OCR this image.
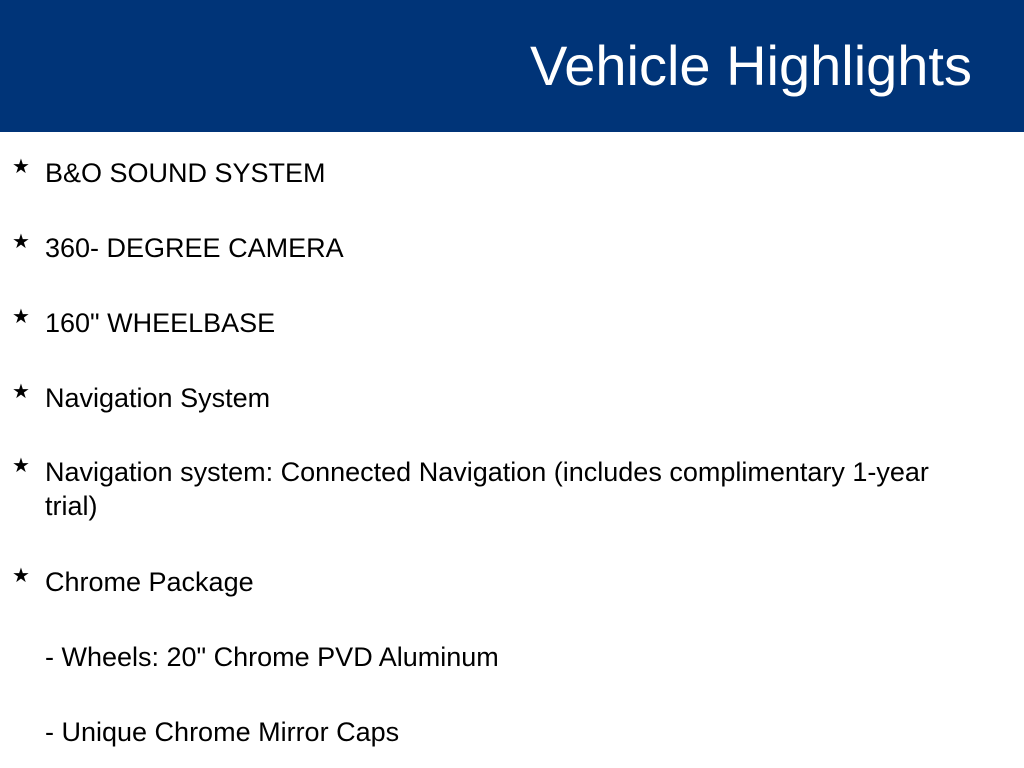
Vehicle Highlights
★ B&O SOUND SYSTEM
★ 360- DEGREE CAMERA
★ 160" WHEELBASE
★ Navigation System
★ Navigation system: Connected Navigation (includes complimentary 1-year trial)
★ Chrome Package
- Wheels: 20" Chrome PVD Aluminum
- Unique Chrome Mirror Caps
